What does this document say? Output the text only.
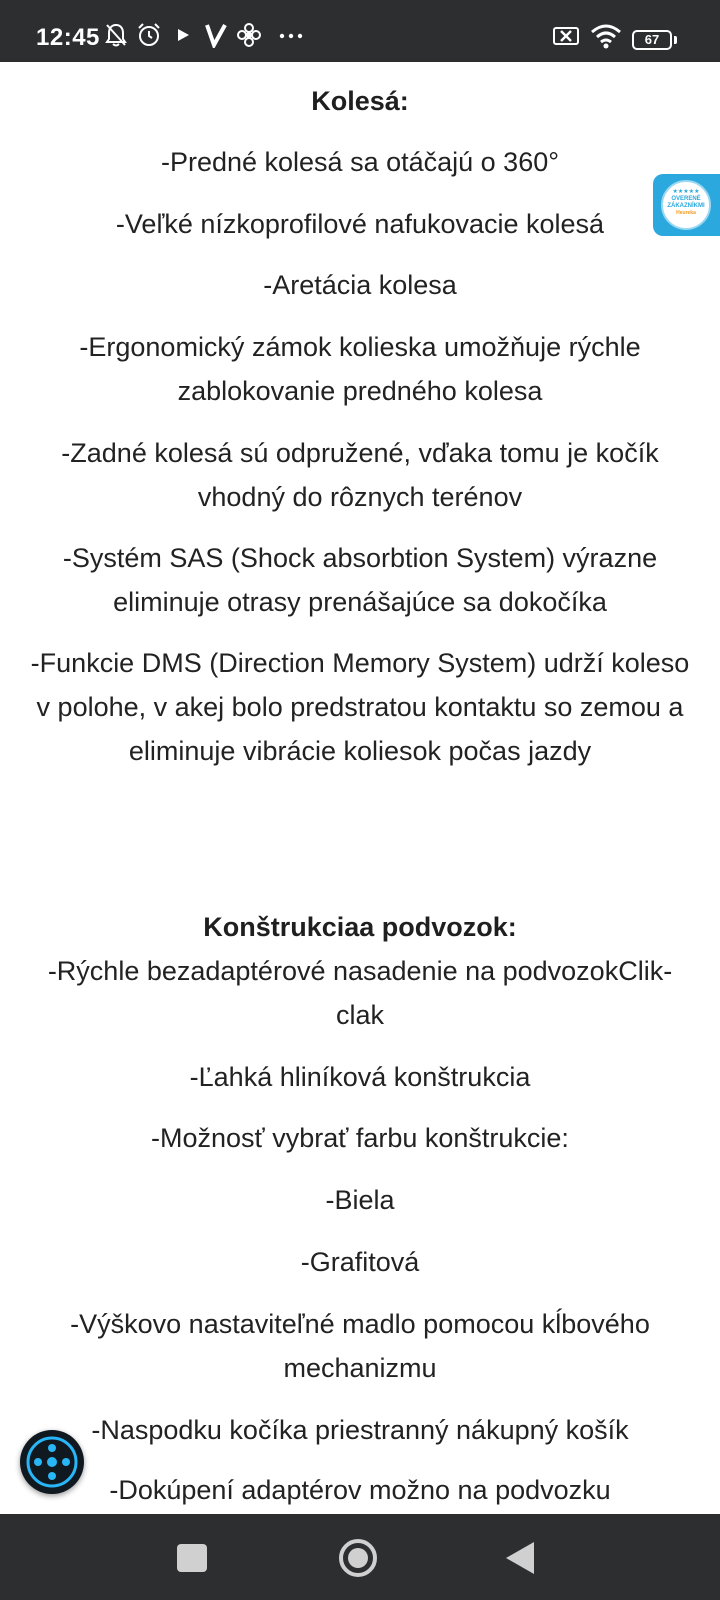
12:45	67
Kolesá:
-Predné kolesá sa otáčajú o 360°
-Veľké nízkoprofilové nafukovacie kolesá
-Aretácia kolesa
-Ergonomický zámok kolieska umožňuje rýchle zablokovanie predného kolesa
-Zadné kolesá sú odpružené, vďaka tomu je kočík vhodný do rôznych terénov
-Systém SAS (Shock absorbtion System) výrazne eliminuje otrasy prenášajúce sa dokočíka
-Funkcie DMS (Direction Memory System) udrží koleso v polohe, v akej bolo predstratou kontaktu so zemou a eliminuje vibrácie koliesok počas jazdy
Konštrukciaa podvozok:
-Rýchle bezadaptérové nasadenie na podvozokClik-clak
-Ľahká hliníková konštrukcia
-Možnosť vybrať farbu konštrukcie:
-Biela
-Grafitová
-Výškovo nastaviteľné madlo pomocou kĺbového mechanizmu
-Naspodku kočíka priestranný nákupný košík
-Dokúpení adaptérov možno na podvozku
★★★★★
OVERENÉ
ZÁKAZNÍKMI
Heureka
